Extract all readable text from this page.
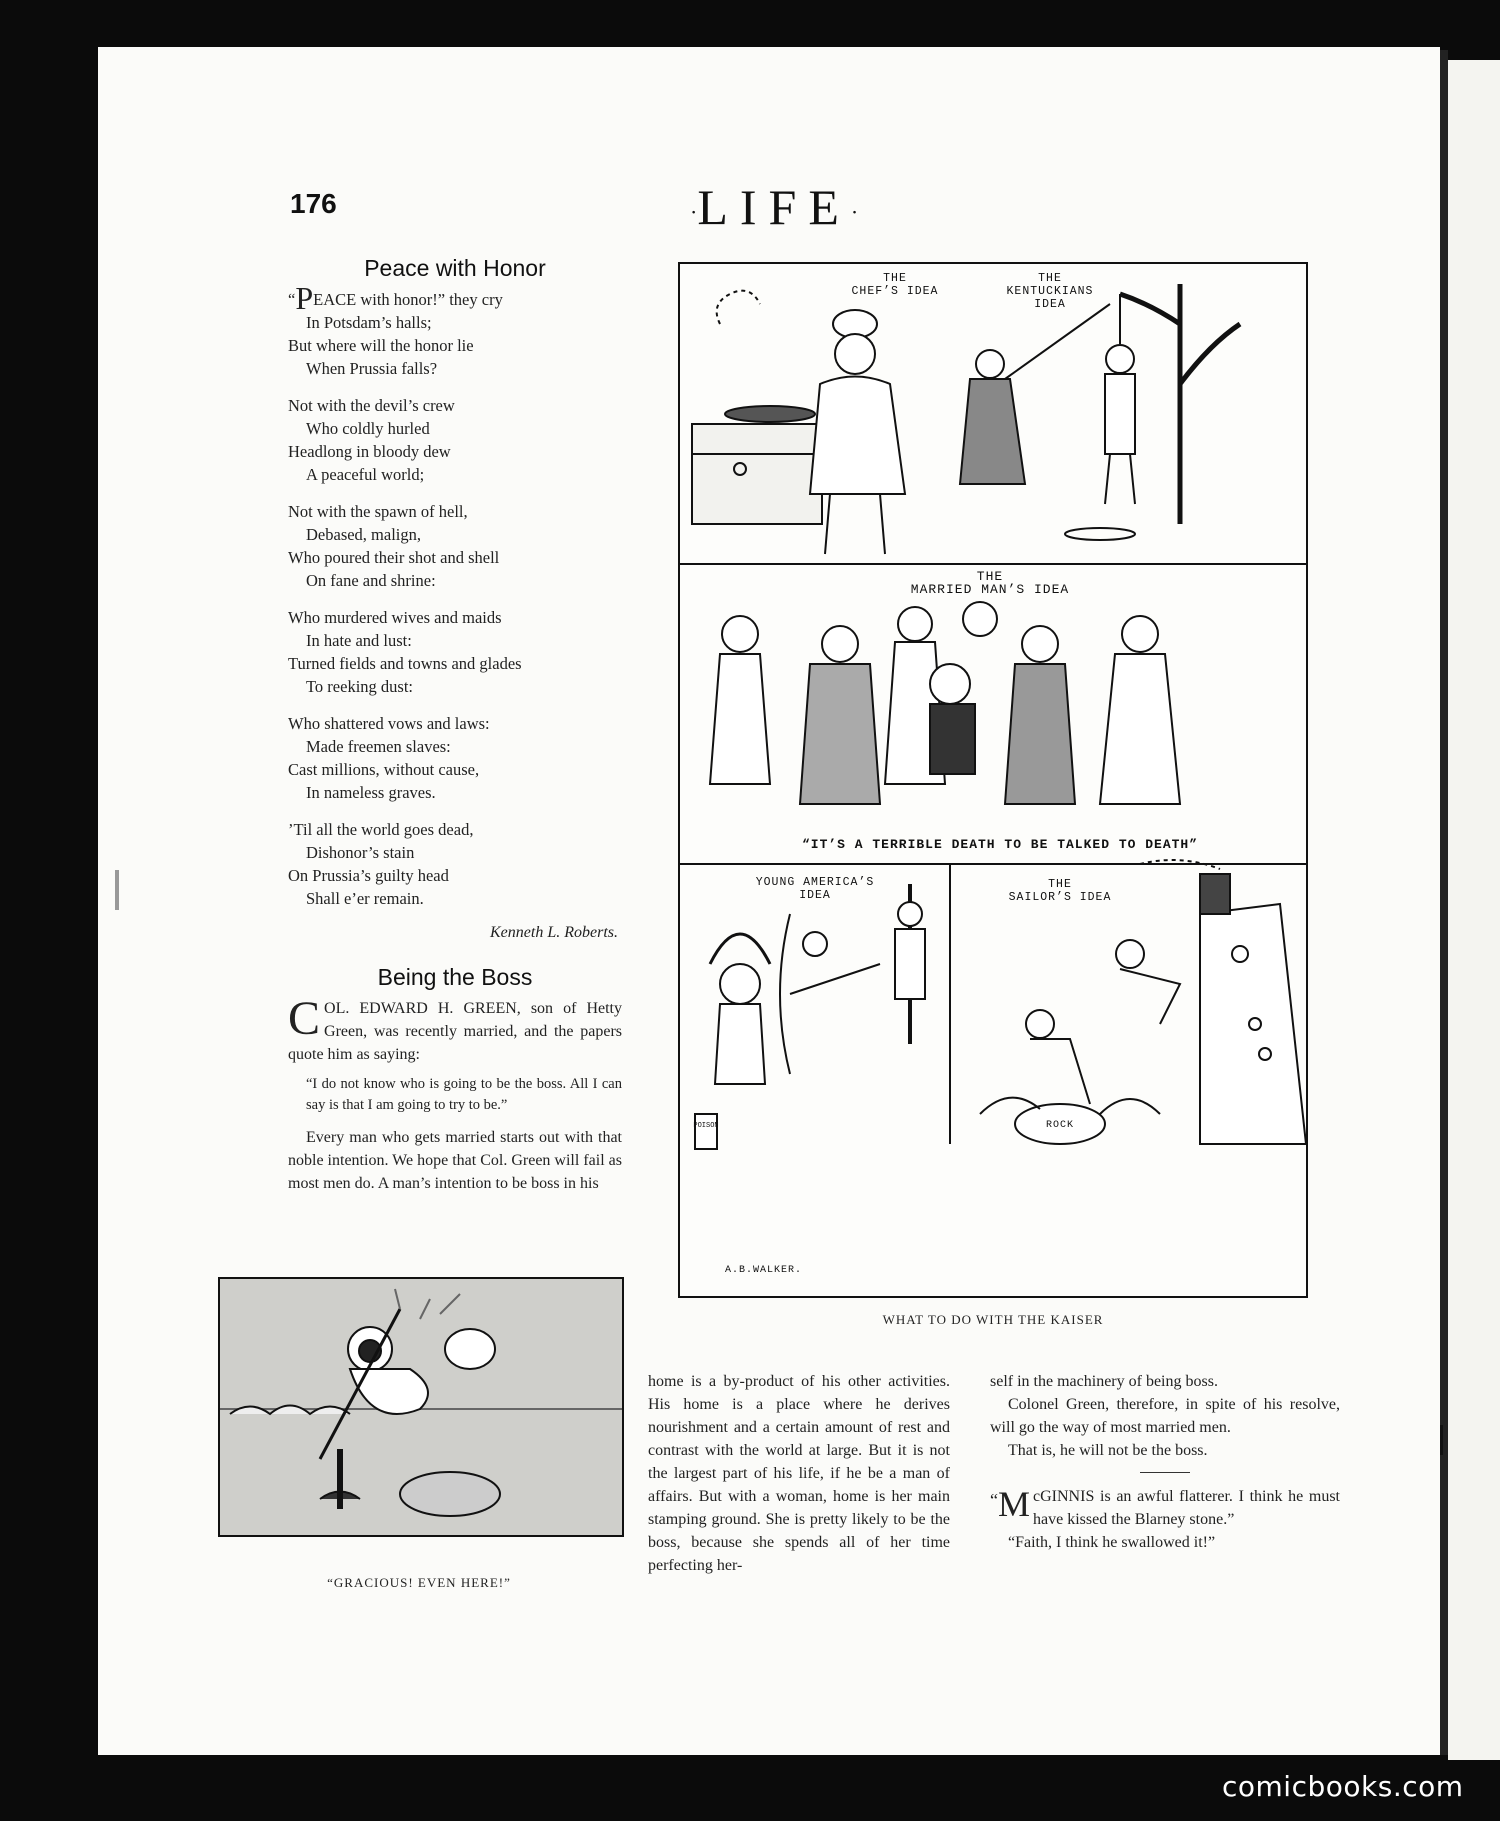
176	·LIFE·
Peace with Honor
“PEACE with honor!” they cry
In Potsdam’s halls;
But where will the honor lie
When Prussia falls?
Not with the devil’s crew
Who coldly hurled
Headlong in bloody dew
A peaceful world;
Not with the spawn of hell,
Debased, malign,
Who poured their shot and shell
On fane and shrine:
Who murdered wives and maids
In hate and lust:
Turned fields and towns and glades
To reeking dust:
Who shattered vows and laws:
Made freemen slaves:
Cast millions, without cause,
In nameless graves.
’Til all the world goes dead,
Dishonor’s stain
On Prussia’s guilty head
Shall e’er remain.
Kenneth L. Roberts.
Being the Boss

COL. EDWARD H. GREEN, son of Hetty Green, was recently married, and the papers quote him as saying:

“I do not know who is going to be the boss. All I can say is that I am going to try to be.”

Every man who gets married starts out with that noble intention. We hope that Col. Green will fail as most men do. A man’s intention to be boss in his

THE
CHEF’S IDEA
THE
KENTUCKIANS
IDEA
THE
MARRIED MAN’S IDEA
“IT’S A TERRIBLE DEATH TO BE TALKED TO DEATH”
YOUNG AMERICA’S
IDEA
THE
SAILOR’S IDEA
ROCK
POISON
A.B.WALKER.
WHAT TO DO WITH THE KAISER
“GRACIOUS! EVEN HERE!”

home is a by-product of his other activities. His home is a place where he derives nourishment and a certain amount of rest and contrast with the world at large. But it is not the largest part of his life, if he be a man of affairs. But with a woman, home is her main stamping ground. She is pretty likely to be the boss, because she spends all of her time perfecting her-

self in the machinery of being boss.

Colonel Green, therefore, in spite of his resolve, will go the way of most married men.

That is, he will not be the boss.

“ M cGINNIS is an awful flatterer. I think he must have kissed the Blarney stone.”

“Faith, I think he swallowed it!”

comicbooks.com
